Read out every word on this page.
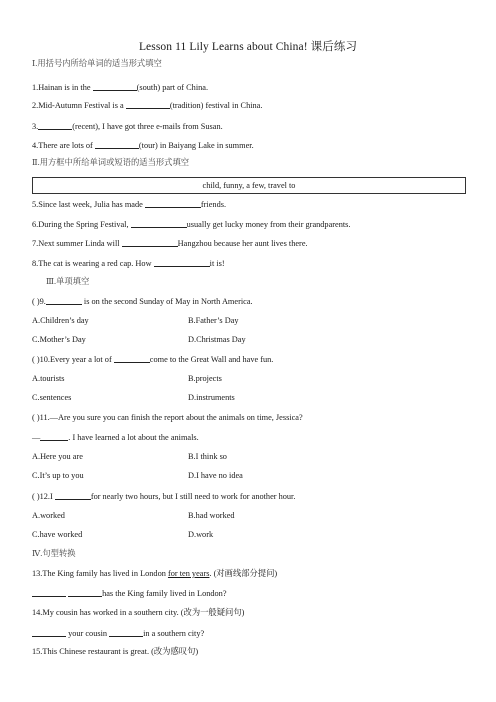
Lesson 11 Lily Learns about China! 课后练习
Ⅰ.用括号内所给单词的适当形式填空
1.Hainan is in the	(south) part of China.
2.Mid-Autumn Festival is a	(tradition) festival in China.
3.	(recent), I have got three e-mails from Susan.
4.There are lots of	(tour) in Baiyang Lake in summer.
Ⅱ.用方框中所给单词或短语的适当形式填空
child, funny, a few, travel to
5.Since last week, Julia has made	friends.
6.During the Spring Festival,	usually get lucky money from their grandparents.
7.Next summer Linda will	Hangzhou because her aunt lives there.
8.The cat is wearing a red cap. How	it is!
Ⅲ.单项填空
( )9.	is on the second Sunday of May in North America.
A.Children’s day	B.Father’s Day
C.Mother’s Day	D.Christmas Day
( )10.Every year a lot of	come to the Great Wall and have fun.
A.tourists	B.projects
C.sentences	D.instruments
( )11.—Are you sure you can finish the report about the animals on time, Jessica?
—	. I have learned a lot about the animals.
A.Here you are	B.I think so
C.It’s up to you	D.I have no idea
( )12.I	for nearly two hours, but I still need to work for another hour.
A.worked	B.had worked
C.have worked	D.work
Ⅳ.句型转换
13.The King family has lived in London for ten years. (对画线部分提问)
has the King family lived in London?
14.My cousin has worked in a southern city. (改为一般疑问句)
your cousin	in a southern city?
15.This Chinese restaurant is great. (改为感叹句)
